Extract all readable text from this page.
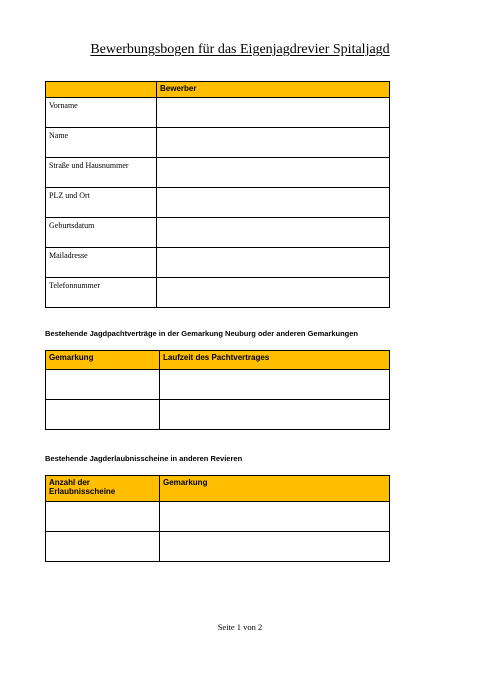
Bewerbungsbogen für das Eigenjagdrevier Spitaljagd
	Bewerber
Vorname	
Name	
Straße und Hausnummer	
PLZ und Ort	
Geburtsdatum	
Mailadresse	
Telefonnummer	
Bestehende Jagdpachtverträge in der Gemarkung Neuburg oder anderen Gemarkungen
Gemarkung	Laufzeit des Pachtvertrages

Bestehende Jagderlaubnisscheine in anderen Revieren
Anzahl der Erlaubnisscheine	Gemarkung

Seite 1 von 2
